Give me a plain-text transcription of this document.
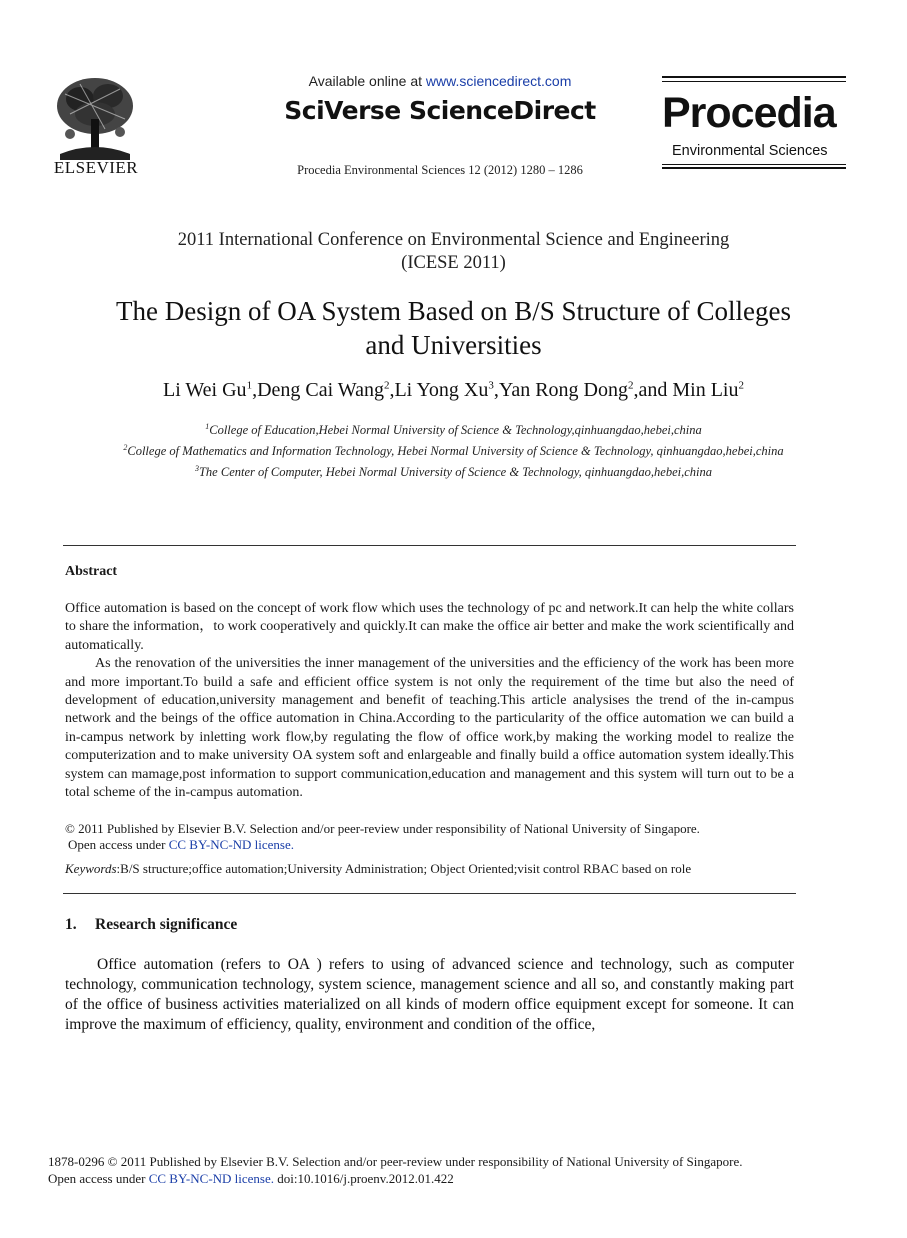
ELSEVIER
Available online at www.sciencedirect.com
SciVerse ScienceDirect
Procedia Environmental Sciences 12 (2012) 1280 – 1286
Procedia
Environmental Sciences
2011 International Conference on Environmental Science and Engineering
(ICESE 2011)
The Design of OA System Based on B/S Structure of Colleges
and Universities
Li Wei Gu$^1$,Deng Cai Wang$^2$,Li Yong Xu$^3$,Yan Rong Dong$^2$,and Min Liu$^2$
$^1$College of Education,Hebei Normal University of Science & Technology,qinhuangdao,hebei,china
$^2$College of Mathematics and Information Technology, Hebei Normal University of Science & Technology, qinhuangdao,hebei,china
$^3$The Center of Computer, Hebei Normal University of Science & Technology, qinhuangdao,hebei,china
Abstract

Office automation is based on the concept of work flow which uses the technology of pc and network.It can help the white collars to share the information，to work cooperatively and quickly.It can make the office air better and make the work scientifically and automatically.

As the renovation of the universities the inner management of the universities and the efficiency of the work has been more and more important.To build a safe and efficient office system is not only the requirement of the time but also the need of development of education,university management and benefit of teaching.This article analysises the trend of the in-campus network and the beings of the office automation in China.According to the particularity of the office automation we can build a in-campus network by inletting work flow,by regulating the flow of office work,by making the working model to realize the computerization and to make university OA system soft and enlargeable and finally build a office automation system ideally.This system can mamage,post information to support communication,education and management and this system will turn out to be a total scheme of the in-campus automation.

© 2011 Published by Elsevier B.V. Selection and/or peer-review under responsibility of National University of Singapore.
Open access under CC BY-NC-ND license.
Keywords:B/S structure;office automation;University Administration; Object Oriented;visit control RBAC based on role
1. Research significance
Office automation (refers to OA ) refers to using of advanced science and technology, such as computer technology, communication technology, system science, management science and all so, and constantly making part of the office of business activities materialized on all kinds of modern office equipment except for someone. It can improve the maximum of efficiency, quality, environment and condition of the office,
1878-0296 © 2011 Published by Elsevier B.V. Selection and/or peer-review under responsibility of National University of Singapore.
Open access under CC BY-NC-ND license. doi:10.1016/j.proenv.2012.01.422
